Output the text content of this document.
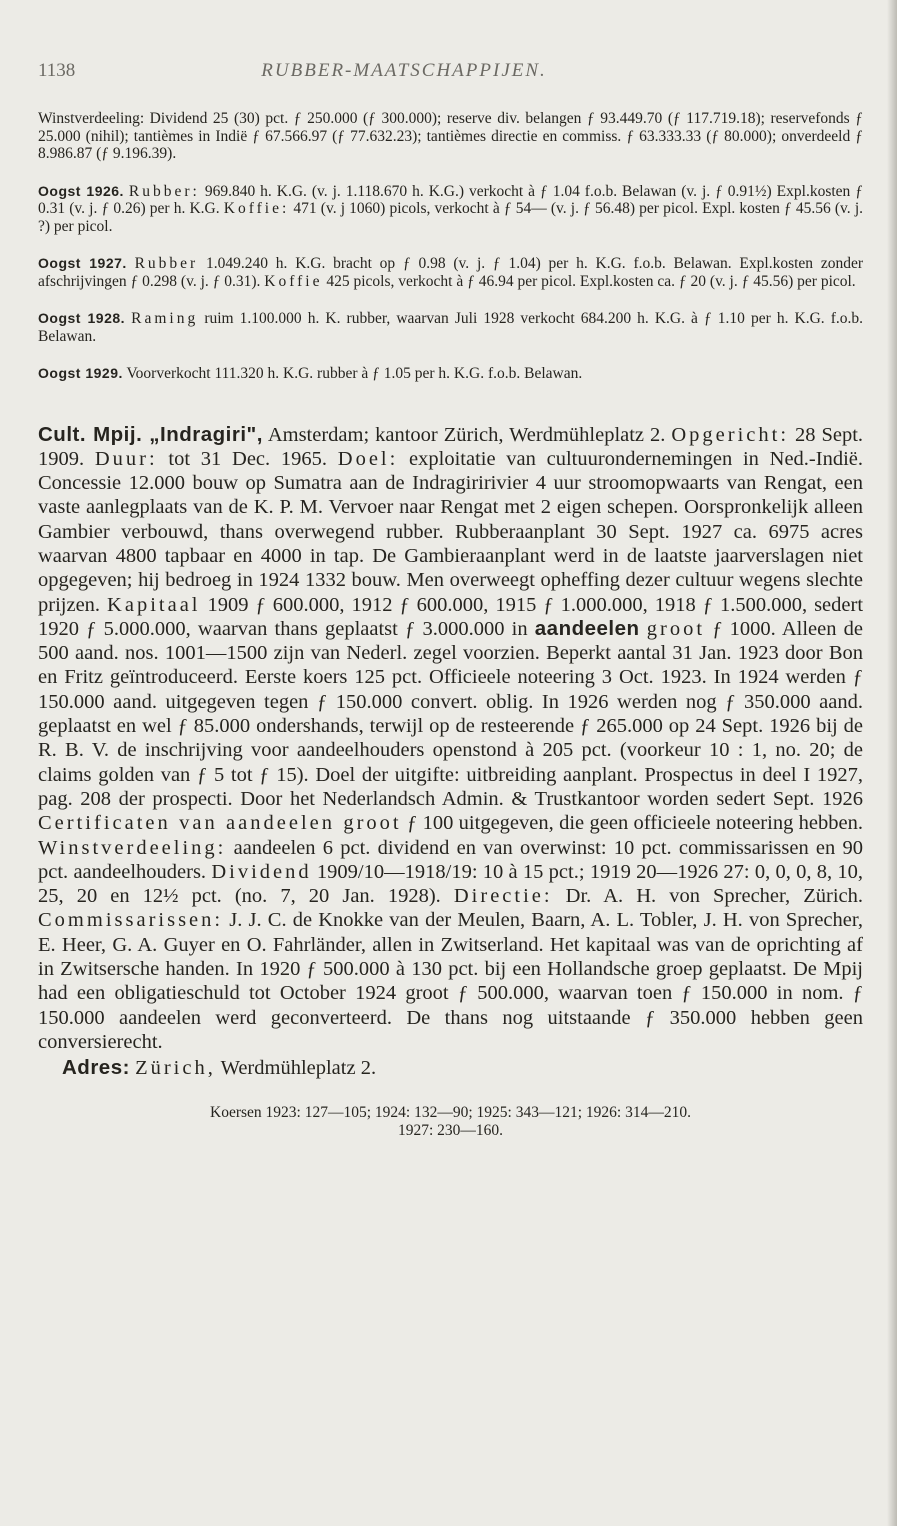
1138	RUBBER-MAATSCHAPPIJEN.

Winstverdeeling: Dividend 25 (30) pct. ƒ 250.000 (ƒ 300.000); reserve div. belangen ƒ 93.449.70 (ƒ 117.719.18); reservefonds ƒ 25.000 (nihil); tantièmes in Indië ƒ 67.566.97 (ƒ 77.632.23); tantièmes directie en commiss. ƒ 63.333.33 (ƒ 80.000); onverdeeld ƒ 8.986.87 (ƒ 9.196.39).

Oogst 1926. Rubber: 969.840 h. K.G. (v. j. 1.118.670 h. K.G.) verkocht à ƒ 1.04 f.o.b. Belawan (v. j. ƒ 0.91½) Expl.kosten ƒ 0.31 (v. j. ƒ 0.26) per h. K.G. Koffie: 471 (v. j 1060) picols, verkocht à ƒ 54— (v. j. ƒ 56.48) per picol. Expl. kosten ƒ 45.56 (v. j. ?) per picol.

Oogst 1927. Rubber 1.049.240 h. K.G. bracht op ƒ 0.98 (v. j. ƒ 1.04) per h. K.G. f.o.b. Belawan. Expl.kosten zonder afschrijvingen ƒ 0.298 (v. j. ƒ 0.31). Koffie 425 picols, verkocht à ƒ 46.94 per picol. Expl.kosten ca. ƒ 20 (v. j. ƒ 45.56) per picol.

Oogst 1928. Raming ruim 1.100.000 h. K. rubber, waarvan Juli 1928 verkocht 684.200 h. K.G. à ƒ 1.10 per h. K.G. f.o.b. Belawan.

Oogst 1929. Voorverkocht 111.320 h. K.G. rubber à ƒ 1.05 per h. K.G. f.o.b. Belawan.

Cult. Mpij. „Indragiri", Amsterdam; kantoor Zürich, Werdmühleplatz 2. Opgericht: 28 Sept. 1909. Duur: tot 31 Dec. 1965. Doel: exploitatie van cultuurondernemingen in Ned.-Indië. Concessie 12.000 bouw op Sumatra aan de Indragiririvier 4 uur stroomopwaarts van Rengat, een vaste aanlegplaats van de K. P. M. Vervoer naar Rengat met 2 eigen schepen. Oorspronkelijk alleen Gambier verbouwd, thans overwegend rubber. Rubberaanplant 30 Sept. 1927 ca. 6975 acres waarvan 4800 tapbaar en 4000 in tap. De Gambieraanplant werd in de laatste jaarverslagen niet opgegeven; hij bedroeg in 1924 1332 bouw. Men overweegt opheffing dezer cultuur wegens slechte prijzen. Kapitaal 1909 ƒ 600.000, 1912 ƒ 600.000, 1915 ƒ 1.000.000, 1918 ƒ 1.500.000, sedert 1920 ƒ 5.000.000, waarvan thans geplaatst ƒ 3.000.000 in aandeelen groot ƒ 1000. Alleen de 500 aand. nos. 1001—1500 zijn van Nederl. zegel voorzien. Beperkt aantal 31 Jan. 1923 door Bon en Fritz geïntroduceerd. Eerste koers 125 pct. Officieele noteering 3 Oct. 1923. In 1924 werden ƒ 150.000 aand. uitgegeven tegen ƒ 150.000 convert. oblig. In 1926 werden nog ƒ 350.000 aand. geplaatst en wel ƒ 85.000 ondershands, terwijl op de resteerende ƒ 265.000 op 24 Sept. 1926 bij de R. B. V. de inschrijving voor aandeelhouders openstond à 205 pct. (voorkeur 10 : 1, no. 20; de claims golden van ƒ 5 tot ƒ 15). Doel der uitgifte: uitbreiding aanplant. Prospectus in deel I 1927, pag. 208 der prospecti. Door het Nederlandsch Admin. & Trustkantoor worden sedert Sept. 1926 Certificaten van aandeelen groot ƒ 100 uitgegeven, die geen officieele noteering hebben. Winstverdeeling: aandeelen 6 pct. dividend en van overwinst: 10 pct. commissarissen en 90 pct. aandeelhouders. Dividend 1909/10—1918/19: 10 à 15 pct.; 1919 20—1926 27: 0, 0, 0, 8, 10, 25, 20 en 12½ pct. (no. 7, 20 Jan. 1928). Directie: Dr. A. H. von Sprecher, Zürich. Commissarissen: J. J. C. de Knokke van der Meulen, Baarn, A. L. Tobler, J. H. von Sprecher, E. Heer, G. A. Guyer en O. Fahrländer, allen in Zwitserland. Het kapitaal was van de oprichting af in Zwitsersche handen. In 1920 ƒ 500.000 à 130 pct. bij een Hollandsche groep geplaatst. De Mpij had een obligatieschuld tot October 1924 groot ƒ 500.000, waarvan toen ƒ 150.000 in nom. ƒ 150.000 aandeelen werd geconverteerd. De thans nog uitstaande ƒ 350.000 hebben geen conversierecht.

Adres: Zürich, Werdmühleplatz 2.

Koersen 1923: 127—105; 1924: 132—90; 1925: 343—121; 1926: 314—210.
1927: 230—160.
